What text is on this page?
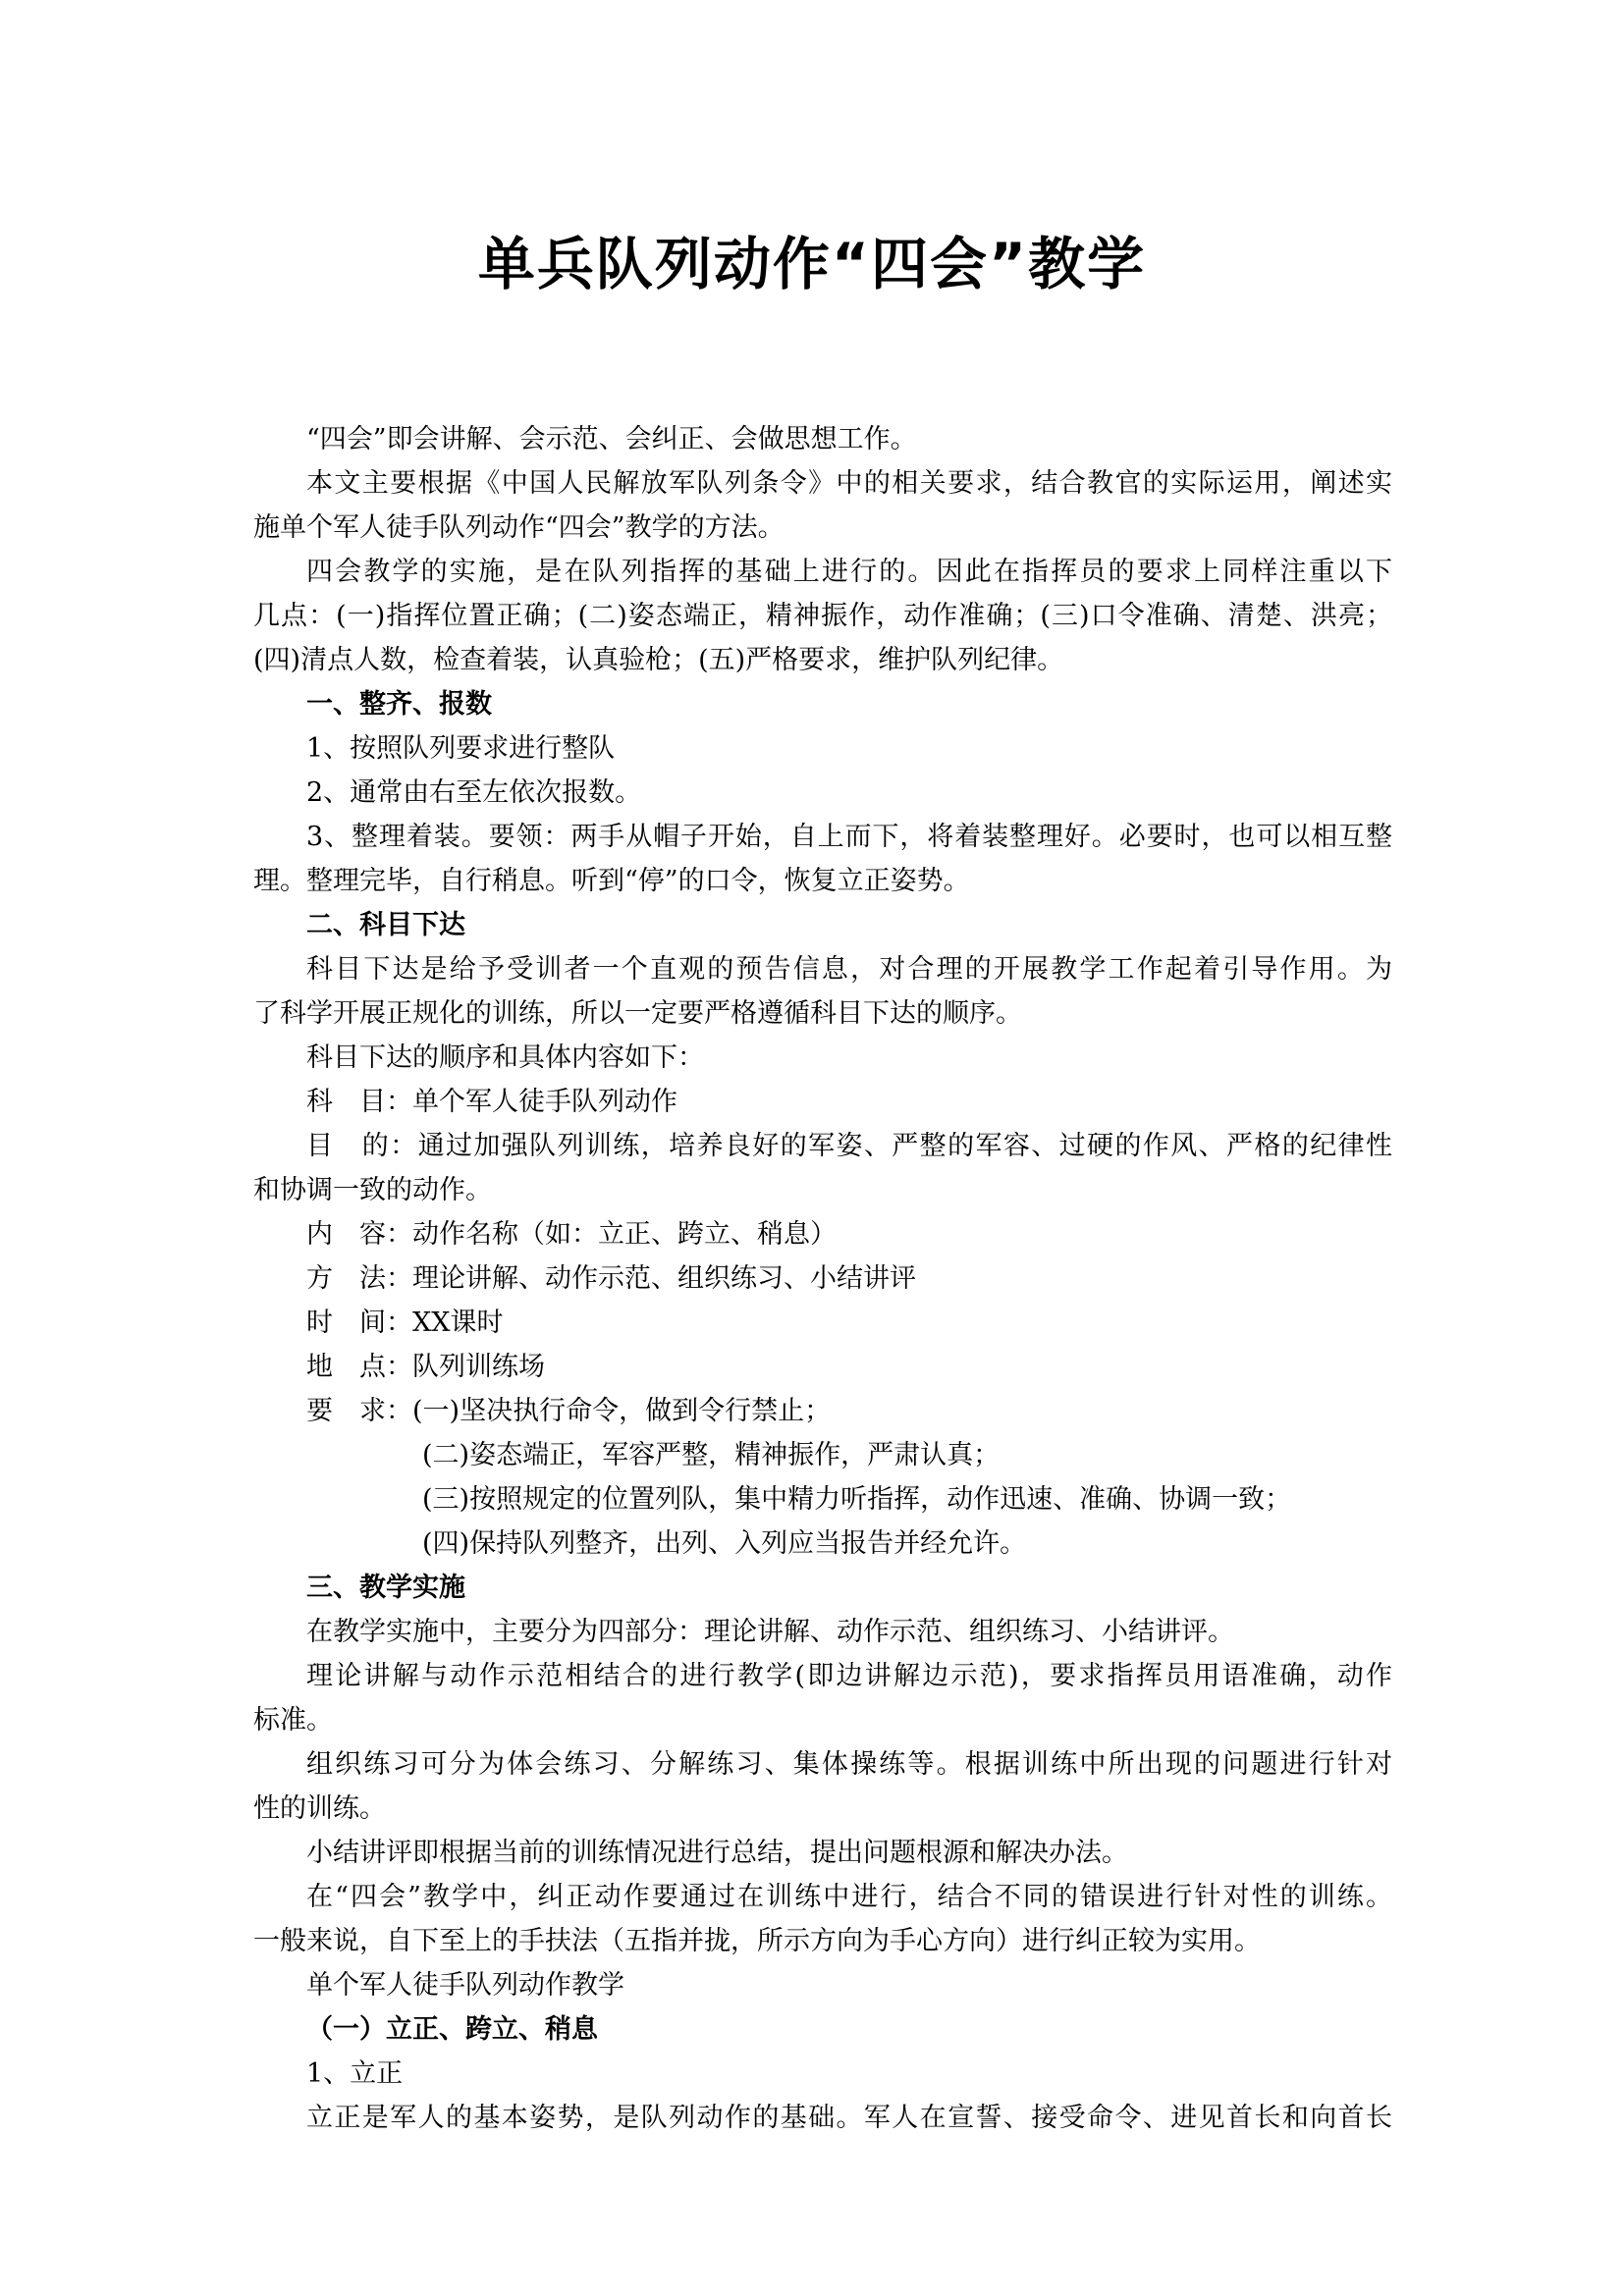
单兵队列动作“四会”教学
“四会”即会讲解、会示范、会纠正、会做思想工作。
本文主要根据《中国人民解放军队列条令》中的相关要求，结合教官的实际运用，阐述实
施单个军人徒手队列动作“四会”教学的方法。
四会教学的实施，是在队列指挥的基础上进行的。因此在指挥员的要求上同样注重以下
几点：(一)指挥位置正确；(二)姿态端正，精神振作，动作准确；(三)口令准确、清楚、洪亮；
(四)清点人数，检查着装，认真验枪；(五)严格要求，维护队列纪律。
一、整齐、报数
1、按照队列要求进行整队
2、通常由右至左依次报数。
3、整理着装。要领：两手从帽子开始，自上而下，将着装整理好。必要时，也可以相互整
理。整理完毕，自行稍息。听到“停”的口令，恢复立正姿势。
二、科目下达
科目下达是给予受训者一个直观的预告信息，对合理的开展教学工作起着引导作用。为
了科学开展正规化的训练，所以一定要严格遵循科目下达的顺序。
科目下达的顺序和具体内容如下：
科　目：单个军人徒手队列动作
目　的：通过加强队列训练，培养良好的军姿、严整的军容、过硬的作风、严格的纪律性
和协调一致的动作。
内　容：动作名称（如：立正、跨立、稍息）
方　法：理论讲解、动作示范、组织练习、小结讲评
时　间：XX课时
地　点：队列训练场
要　求：(一)坚决执行命令，做到令行禁止；
(二)姿态端正，军容严整，精神振作，严肃认真；
(三)按照规定的位置列队，集中精力听指挥，动作迅速、准确、协调一致；
(四)保持队列整齐，出列、入列应当报告并经允许。
三、教学实施
在教学实施中，主要分为四部分：理论讲解、动作示范、组织练习、小结讲评。
理论讲解与动作示范相结合的进行教学(即边讲解边示范)，要求指挥员用语准确，动作
标准。
组织练习可分为体会练习、分解练习、集体操练等。根据训练中所出现的问题进行针对
性的训练。
小结讲评即根据当前的训练情况进行总结，提出问题根源和解决办法。
在“四会”教学中，纠正动作要通过在训练中进行，结合不同的错误进行针对性的训练。
一般来说，自下至上的手扶法（五指并拢，所示方向为手心方向）进行纠正较为实用。
单个军人徒手队列动作教学
（一）立正、跨立、稍息
1、立正
立正是军人的基本姿势，是队列动作的基础。军人在宣誓、接受命令、进见首长和向首长
